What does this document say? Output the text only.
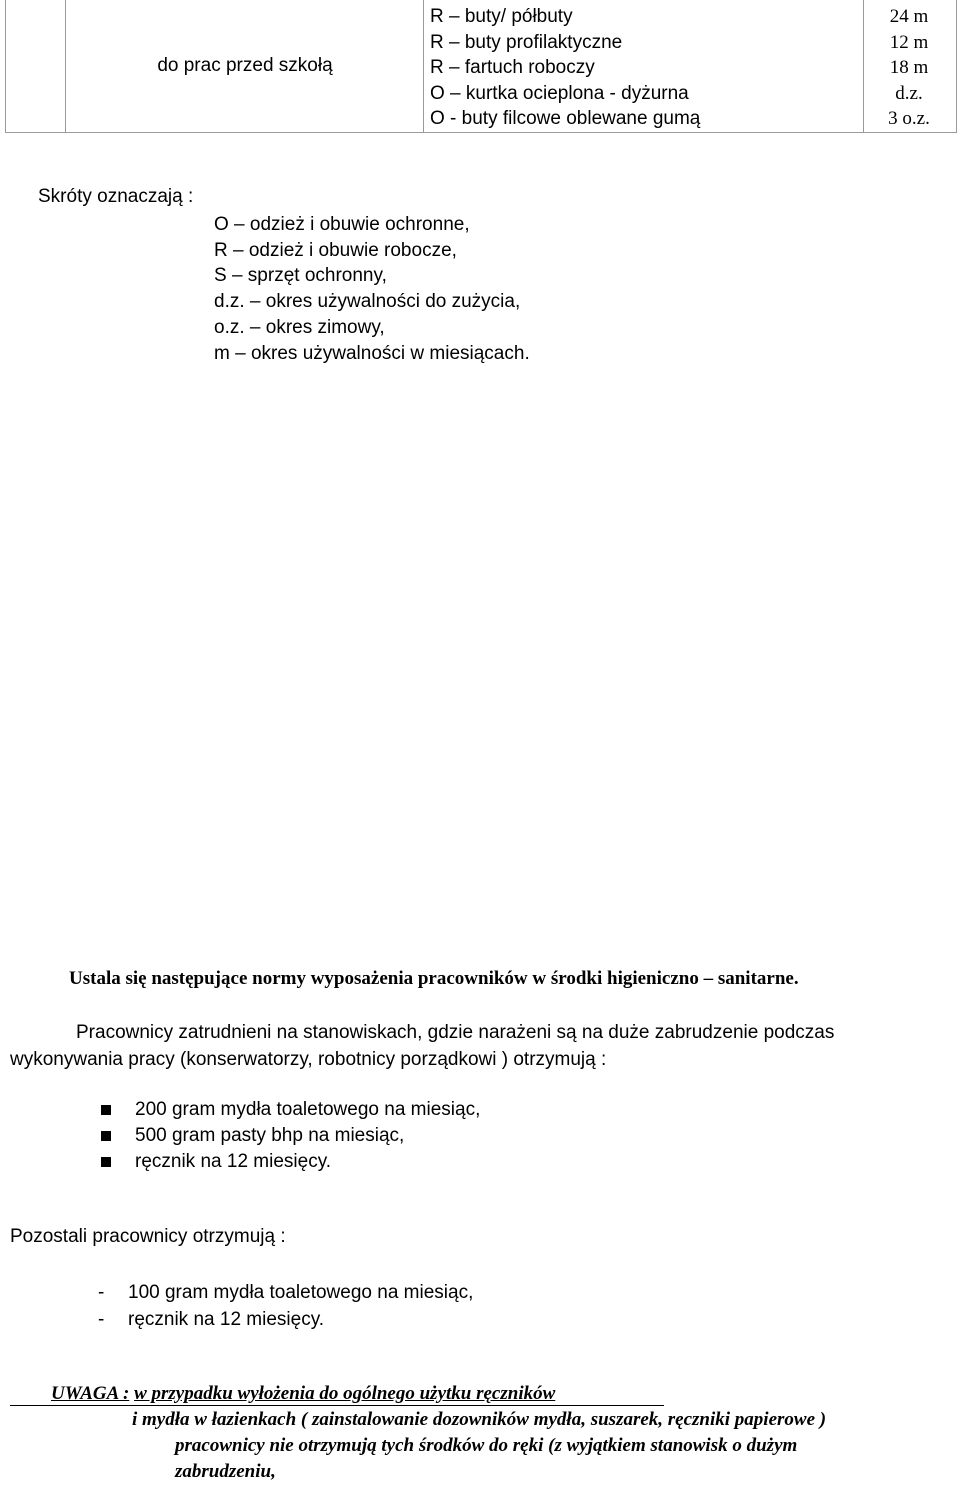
do prac przed szkołą
R – buty/ półbuty
R – buty profilaktyczne
R – fartuch roboczy
O – kurtka ocieplona - dyżurna
O - buty filcowe oblewane gumą
24 m
12 m
18 m
d.z.
3 o.z.
Skróty oznaczają :
O – odzież i obuwie ochronne,
R – odzież i obuwie robocze,
S – sprzęt ochronny,
d.z. – okres używalności do zużycia,
o.z. – okres zimowy,
m – okres używalności w miesiącach.
Ustala się następujące normy wyposażenia pracowników w środki higieniczno – sanitarne.
Pracownicy zatrudnieni na stanowiskach, gdzie narażeni są na duże zabrudzenie podczas
wykonywania pracy (konserwatorzy, robotnicy porządkowi ) otrzymują :
200 gram mydła toaletowego na miesiąc,
500 gram pasty bhp na miesiąc,
ręcznik na 12 miesięcy.
Pozostali pracownicy otrzymują :
- 100 gram mydła toaletowego na miesiąc,
- ręcznik na 12 miesięcy.
UWAGA : w przypadku wyłożenia do ogólnego użytku ręczników
i mydła w łazienkach ( zainstalowanie dozowników mydła, suszarek, ręczniki papierowe )
pracownicy nie otrzymują tych środków do ręki (z wyjątkiem stanowisk o dużym
zabrudzeniu,
